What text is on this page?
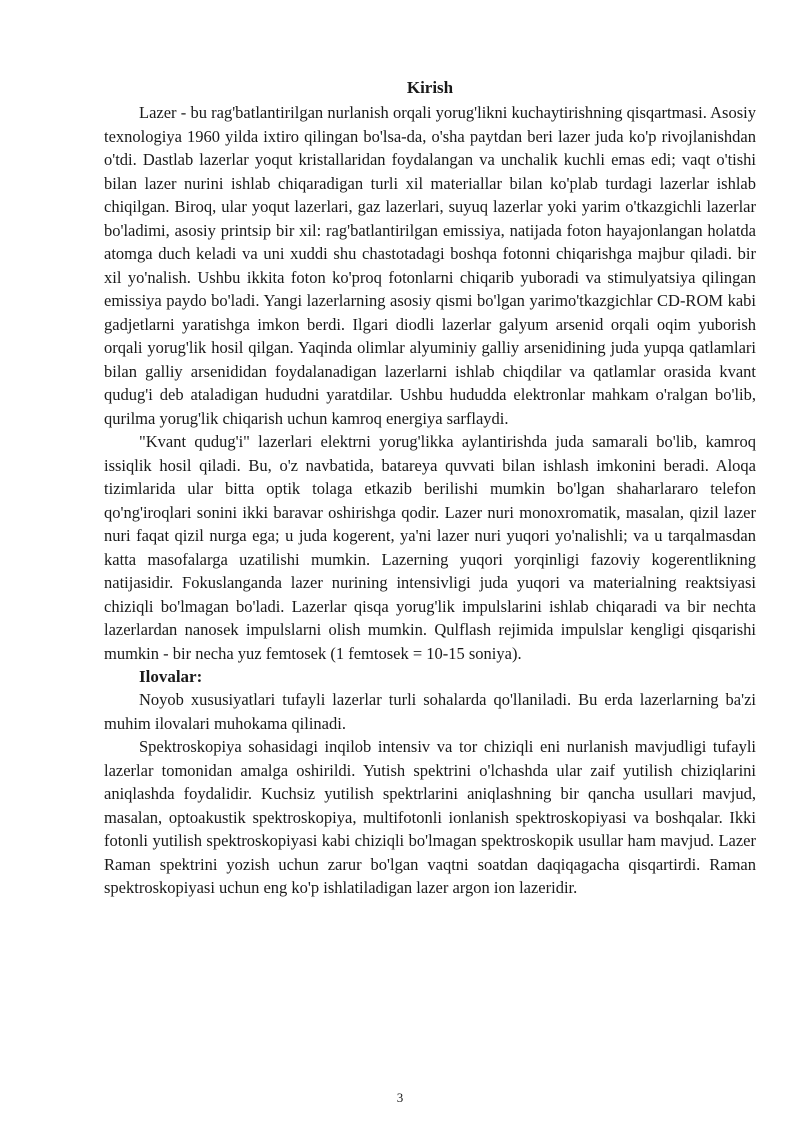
Kirish

Lazer - bu rag'batlantirilgan nurlanish orqali yorug'likni kuchaytirishning qisqartmasi. Asosiy texnologiya 1960 yilda ixtiro qilingan bo'lsa-da, o'sha paytdan beri lazer juda ko'p rivojlanishdan o'tdi. Dastlab lazerlar yoqut kristallaridan foydalangan va unchalik kuchli emas edi; vaqt o'tishi bilan lazer nurini ishlab chiqaradigan turli xil materiallar bilan ko'plab turdagi lazerlar ishlab chiqilgan. Biroq, ular yoqut lazerlari, gaz lazerlari, suyuq lazerlar yoki yarim o'tkazgichli lazerlar bo'ladimi, asosiy printsip bir xil: rag'batlantirilgan emissiya, natijada foton hayajonlangan holatda atomga duch keladi va uni xuddi shu chastotadagi boshqa fotonni chiqarishga majbur qiladi. bir xil yo'nalish. Ushbu ikkita foton ko'proq fotonlarni chiqarib yuboradi va stimulyatsiya qilingan emissiya paydo bo'ladi. Yangi lazerlarning asosiy qismi bo'lgan yarimo'tkazgichlar CD-ROM kabi gadjetlarni yaratishga imkon berdi. Ilgari diodli lazerlar galyum arsenid orqali oqim yuborish orqali yorug'lik hosil qilgan. Yaqinda olimlar alyuminiy galliy arsenidining juda yupqa qatlamlari bilan galliy arsenididan foydalanadigan lazerlarni ishlab chiqdilar va qatlamlar orasida kvant qudug'i deb ataladigan hududni yaratdilar. Ushbu hududda elektronlar mahkam o'ralgan bo'lib, qurilma yorug'lik chiqarish uchun kamroq energiya sarflaydi.

"Kvant qudug'i" lazerlari elektrni yorug'likka aylantirishda juda samarali bo'lib, kamroq issiqlik hosil qiladi. Bu, o'z navbatida, batareya quvvati bilan ishlash imkonini beradi. Aloqa tizimlarida ular bitta optik tolaga etkazib berilishi mumkin bo'lgan shaharlararo telefon qo'ng'iroqlari sonini ikki baravar oshirishga qodir. Lazer nuri monoxromatik, masalan, qizil lazer nuri faqat qizil nurga ega; u juda kogerent, ya'ni lazer nuri yuqori yo'nalishli; va u tarqalmasdan katta masofalarga uzatilishi mumkin. Lazerning yuqori yorqinligi fazoviy kogerentlikning natijasidir. Fokuslanganda lazer nurining intensivligi juda yuqori va materialning reaktsiyasi chiziqli bo'lmagan bo'ladi. Lazerlar qisqa yorug'lik impulslarini ishlab chiqaradi va bir nechta lazerlardan nanosek impulslarni olish mumkin. Qulflash rejimida impulslar kengligi qisqarishi mumkin - bir necha yuz femtosek (1 femtosek = 10-15 soniya).

Ilovalar:

Noyob xususiyatlari tufayli lazerlar turli sohalarda qo'llaniladi. Bu erda lazerlarning ba'zi muhim ilovalari muhokama qilinadi.

Spektroskopiya sohasidagi inqilob intensiv va tor chiziqli eni nurlanish mavjudligi tufayli lazerlar tomonidan amalga oshirildi. Yutish spektrini o'lchashda ular zaif yutilish chiziqlarini aniqlashda foydalidir. Kuchsiz yutilish spektrlarini aniqlashning bir qancha usullari mavjud, masalan, optoakustik spektroskopiya, multifotonli ionlanish spektroskopiyasi va boshqalar. Ikki fotonli yutilish spektroskopiyasi kabi chiziqli bo'lmagan spektroskopik usullar ham mavjud. Lazer Raman spektrini yozish uchun zarur bo'lgan vaqtni soatdan daqiqagacha qisqartirdi. Raman spektroskopiyasi uchun eng ko'p ishlatiladigan lazer argon ion lazeridir.

3
